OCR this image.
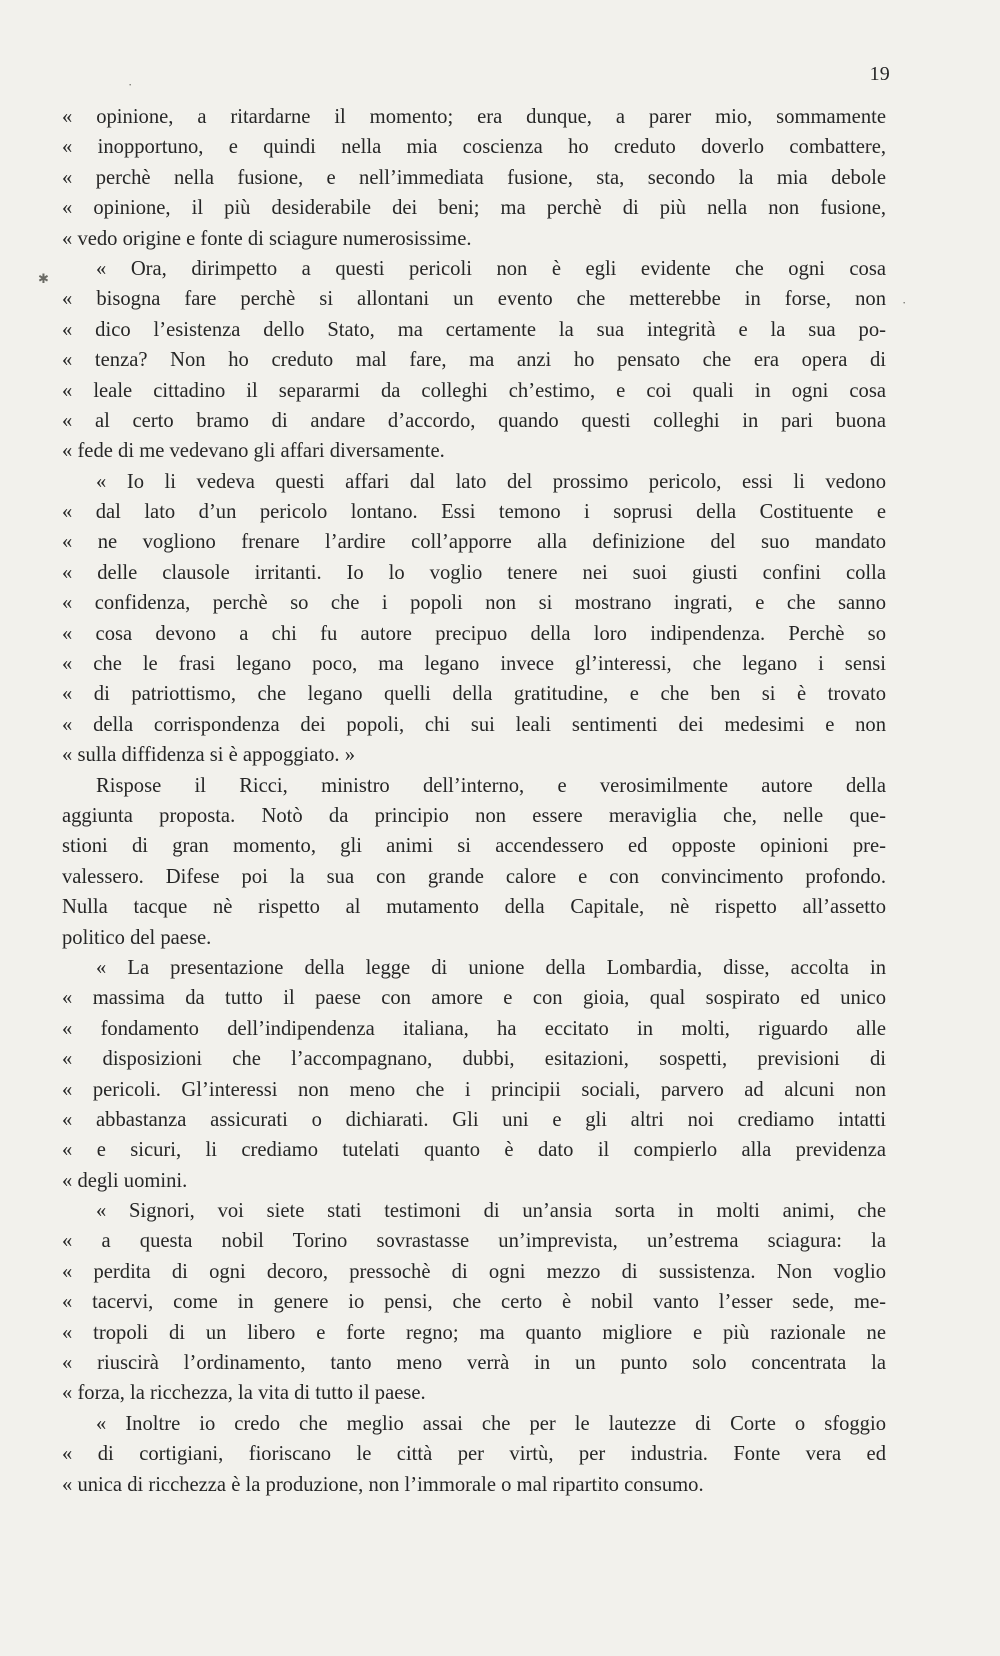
19
✱
·
·
« opinione, a ritardarne il momento; era dunque, a parer mio, sommamente
« inopportuno, e quindi nella mia coscienza ho creduto doverlo combattere,
« perchè nella fusione, e nell’immediata fusione, sta, secondo la mia debole
« opinione, il più desiderabile dei beni; ma perchè di più nella non fusione,
« vedo origine e fonte di sciagure numerosissime.
« Ora, dirimpetto a questi pericoli non è egli evidente che ogni cosa
« bisogna fare perchè si allontani un evento che metterebbe in forse, non
« dico l’esistenza dello Stato, ma certamente la sua integrità e la sua po-
« tenza? Non ho creduto mal fare, ma anzi ho pensato che era opera di
« leale cittadino il separarmi da colleghi ch’estimo, e coi quali in ogni cosa
« al certo bramo di andare d’accordo, quando questi colleghi in pari buona
« fede di me vedevano gli affari diversamente.
« Io li vedeva questi affari dal lato del prossimo pericolo, essi li vedono
« dal lato d’un pericolo lontano. Essi temono i soprusi della Costituente e
« ne vogliono frenare l’ardire coll’apporre alla definizione del suo mandato
« delle clausole irritanti. Io lo voglio tenere nei suoi giusti confini colla
« confidenza, perchè so che i popoli non si mostrano ingrati, e che sanno
« cosa devono a chi fu autore precipuo della loro indipendenza. Perchè so
« che le frasi legano poco, ma legano invece gl’interessi, che legano i sensi
« di patriottismo, che legano quelli della gratitudine, e che ben si è trovato
« della corrispondenza dei popoli, chi sui leali sentimenti dei medesimi e non
« sulla diffidenza si è appoggiato. »
Rispose il Ricci, ministro dell’interno, e verosimilmente autore della
aggiunta proposta. Notò da principio non essere meraviglia che, nelle que-
stioni di gran momento, gli animi si accendessero ed opposte opinioni pre-
valessero. Difese poi la sua con grande calore e con convincimento profondo.
Nulla tacque nè rispetto al mutamento della Capitale, nè rispetto all’assetto
politico del paese.
« La presentazione della legge di unione della Lombardia, disse, accolta in
« massima da tutto il paese con amore e con gioia, qual sospirato ed unico
« fondamento dell’indipendenza italiana, ha eccitato in molti, riguardo alle
« disposizioni che l’accompagnano, dubbi, esitazioni, sospetti, previsioni di
« pericoli. Gl’interessi non meno che i principii sociali, parvero ad alcuni non
« abbastanza assicurati o dichiarati. Gli uni e gli altri noi crediamo intatti
« e sicuri, li crediamo tutelati quanto è dato il compierlo alla previdenza
« degli uomini.
« Signori, voi siete stati testimoni di un’ansia sorta in molti animi, che
« a questa nobil Torino sovrastasse un’imprevista, un’estrema sciagura: la
« perdita di ogni decoro, pressochè di ogni mezzo di sussistenza. Non voglio
« tacervi, come in genere io pensi, che certo è nobil vanto l’esser sede, me-
« tropoli di un libero e forte regno; ma quanto migliore e più razionale ne
« riuscirà l’ordinamento, tanto meno verrà in un punto solo concentrata la
« forza, la ricchezza, la vita di tutto il paese.
« Inoltre io credo che meglio assai che per le lautezze di Corte o sfoggio
« di cortigiani, fioriscano le città per virtù, per industria. Fonte vera ed
« unica di ricchezza è la produzione, non l’immorale o mal ripartito consumo.
